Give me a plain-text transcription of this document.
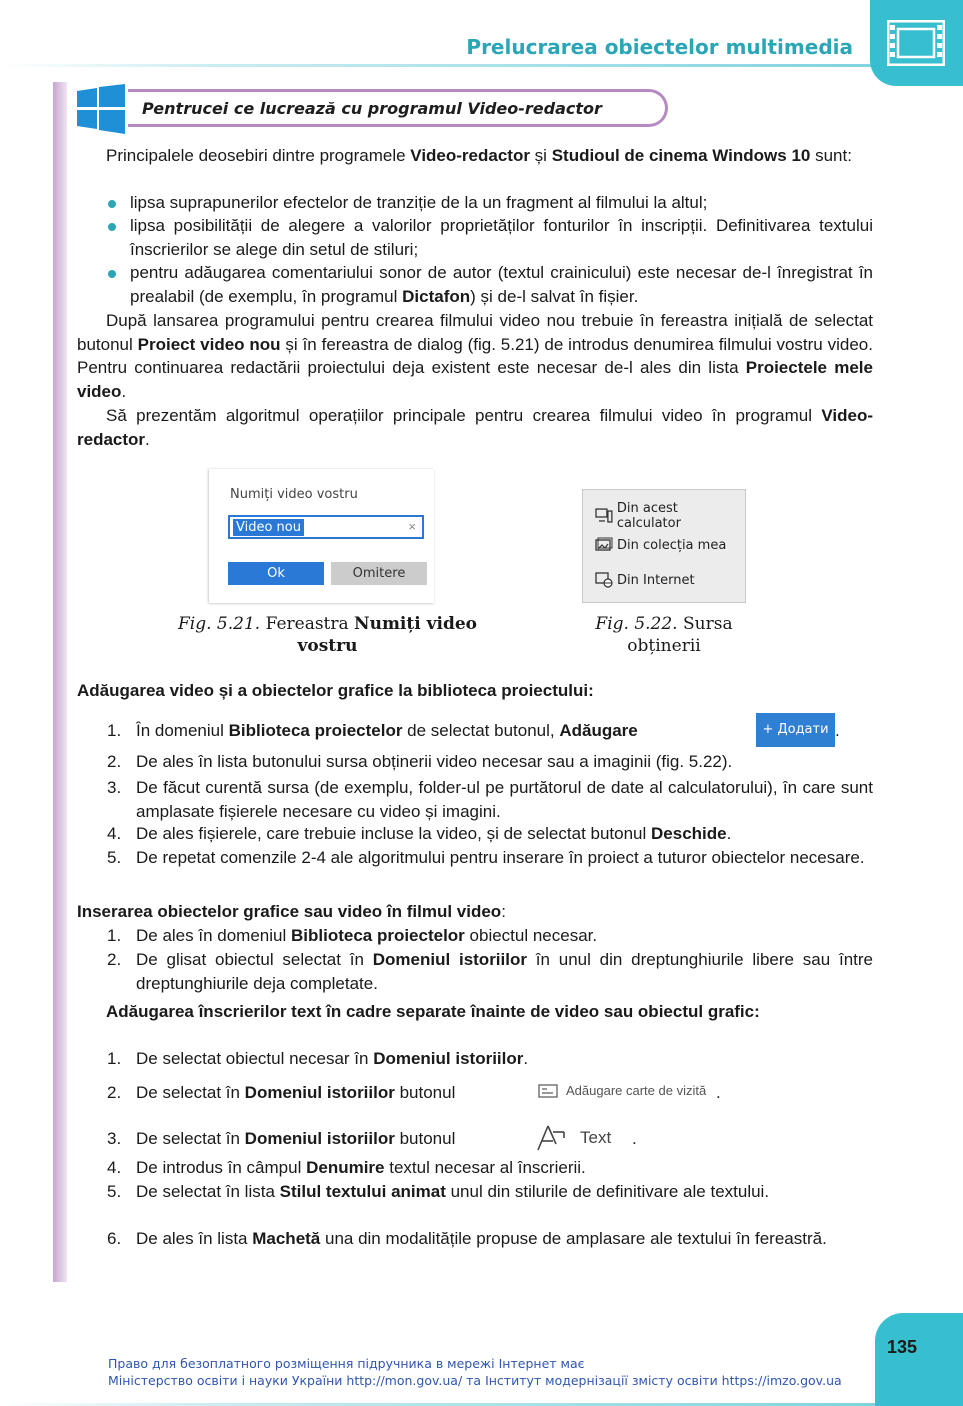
Prelucrarea obiectelor multimedia
Pentrucei ce lucrează cu programul Video-redactor
Principalele deosebiri dintre programele Video-redactor și Studioul de cinema Windows 10 sunt:
lipsa suprapunerilor efectelor de tranziție de la un fragment al filmului la altul;
lipsa posibilității de alegere a valorilor proprietăților fonturilor în inscripții. Definitivarea textului înscrierilor se alege din setul de stiluri;
pentru adăugarea comentariului sonor de autor (textul crainicului) este necesar de-l înregistrat în prealabil (de exemplu, în programul Dictafon) și de-l salvat în fișier.
După lansarea programului pentru crearea filmului video nou trebuie în fereastra inițială de selectat butonul Proiect video nou și în fereastra de dialog (fig. 5.21) de introdus denumirea filmului vostru video. Pentru continuarea redactării proiectului deja existent este necesar de-l ales din lista Proiectele mele video.
Să prezentăm algoritmul operațiilor principale pentru crearea filmului video în programul Video-redactor.
Numiți video vostru
Video nou	×
Ok	Omitere
Fig. 5.21. Fereastra Numiți video
vostru
Din acest calculator
Din colecția mea
Din Internet
Fig. 5.22. Sursa
obținerii
Adăugarea video și a obiectelor grafice la biblioteca proiectului:
1. În domeniul Biblioteca proiectelor de selectat butonul, Adăugare	+ Додати .
2. De ales în lista butonului sursa obținerii video necesar sau a imaginii (fig. 5.22).
3. De făcut curentă sursa (de exemplu, folder-ul pe purtătorul de date al calculatorului), în care sunt amplasate fișierele necesare cu video și imagini.
4. De ales fișierele, care trebuie incluse la video, și de selectat butonul Deschide.
5. De repetat comenzile 2-4 ale algoritmului pentru inserare în proiect a tuturor obiectelor necesare.
Inserarea obiectelor grafice sau video în filmul video:
1. De ales în domeniul Biblioteca proiectelor obiectul necesar.
2. De glisat obiectul selectat în Domeniul istoriilor în unul din dreptunghiurile libere sau între dreptunghiurile deja completate.
Adăugarea înscrierilor text în cadre separate înainte de video sau obiectul grafic:
1. De selectat obiectul necesar în Domeniul istoriilor.
2. De selectat în Domeniul istoriilor butonul	Adăugare carte de vizită .
3. De selectat în Domeniul istoriilor butonul	Text .
4. De introdus în câmpul Denumire textul necesar al înscrierii.
5. De selectat în lista Stilul textului animat unul din stilurile de definitivare ale textului.
6. De ales în lista Machetă una din modalitățile propuse de amplasare ale textului în fereastră.
135
Право для безоплатного розміщення підручника в мережі Інтернет має
Міністерство освіти і науки України http://mon.gov.ua/ та Інститут модернізації змісту освіти https://imzo.gov.ua
